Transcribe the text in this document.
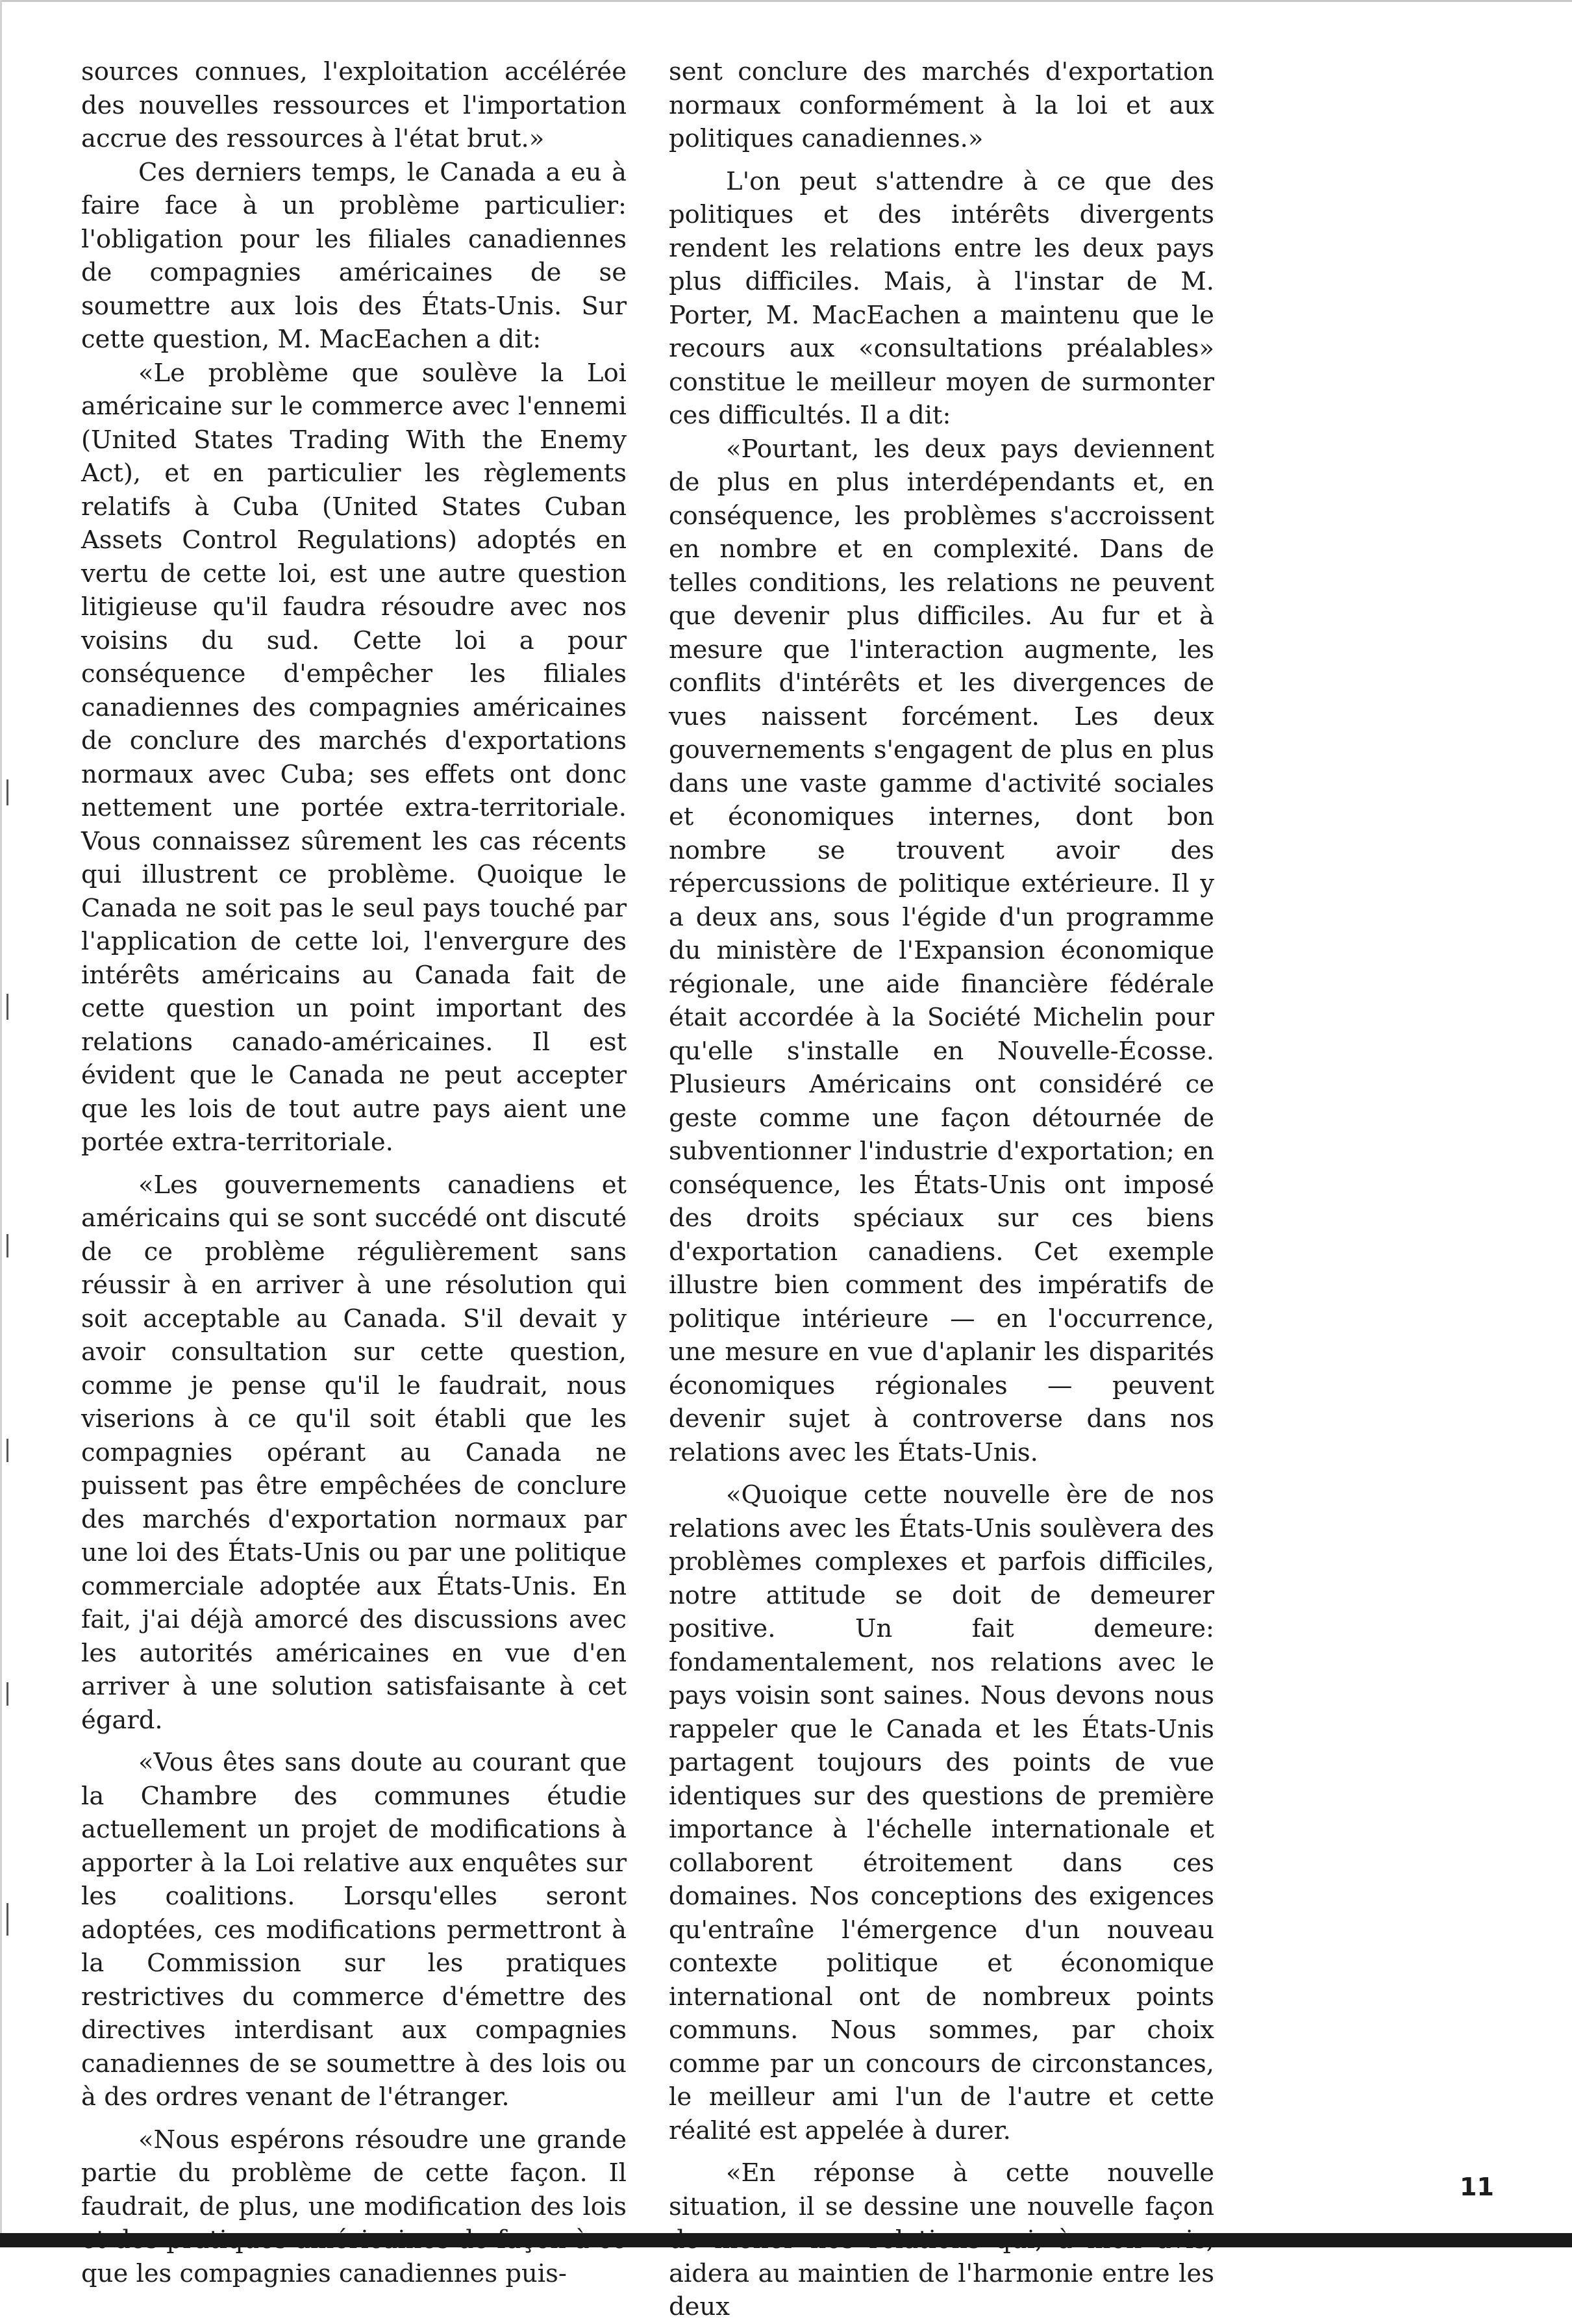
sources connues, l'exploitation accélérée des nouvelles ressources et l'importation accrue des ressources à l'état brut.»

Ces derniers temps, le Canada a eu à faire face à un problème particulier: l'obligation pour les filiales canadiennes de compagnies américaines de se soumettre aux lois des États-Unis. Sur cette question, M. MacEachen a dit:

«Le problème que soulève la Loi américaine sur le commerce avec l'ennemi (United States Trading With the Enemy Act), et en particulier les règlements relatifs à Cuba (United States Cuban Assets Control Regulations) adoptés en vertu de cette loi, est une autre question litigieuse qu'il faudra résoudre avec nos voisins du sud. Cette loi a pour conséquence d'empêcher les filiales canadiennes des compagnies américaines de conclure des marchés d'exportations normaux avec Cuba; ses effets ont donc nettement une portée extra-territoriale. Vous connaissez sûrement les cas récents qui illustrent ce problème. Quoique le Canada ne soit pas le seul pays touché par l'application de cette loi, l'envergure des intérêts américains au Canada fait de cette question un point important des relations canado-américaines. Il est évident que le Canada ne peut accepter que les lois de tout autre pays aient une portée extra-territoriale.

«Les gouvernements canadiens et américains qui se sont succédé ont discuté de ce problème régulièrement sans réussir à en arriver à une résolution qui soit acceptable au Canada. S'il devait y avoir consultation sur cette question, comme je pense qu'il le faudrait, nous viserions à ce qu'il soit établi que les compagnies opérant au Canada ne puissent pas être empêchées de conclure des marchés d'exportation normaux par une loi des États-Unis ou par une politique commerciale adoptée aux États-Unis. En fait, j'ai déjà amorcé des discussions avec les autorités américaines en vue d'en arriver à une solution satisfaisante à cet égard.

«Vous êtes sans doute au courant que la Chambre des communes étudie actuellement un projet de modifications à apporter à la Loi relative aux enquêtes sur les coalitions. Lorsqu'elles seront adoptées, ces modifications permettront à la Commission sur les pratiques restrictives du commerce d'émettre des directives interdisant aux compagnies canadiennes de se soumettre à des lois ou à des ordres venant de l'étranger.

«Nous espérons résoudre une grande partie du problème de cette façon. Il faudrait, de plus, une modification des lois que les compagnies canadiennes puis-

sent conclure des marchés d'exportation normaux conformément à la loi et aux politiques canadiennes.»

L'on peut s'attendre à ce que des politiques et des intérêts divergents rendent les relations entre les deux pays plus difficiles. Mais, à l'instar de M. Porter, M. MacEachen a maintenu que le recours aux «consultations préalables» constitue le meilleur moyen de surmonter ces difficultés. Il a dit:

«Pourtant, les deux pays deviennent de plus en plus interdépendants et, en conséquence, les problèmes s'accroissent en nombre et en complexité. Dans de telles conditions, les relations ne peuvent que devenir plus difficiles. Au fur et à mesure que l'interaction augmente, les conflits d'intérêts et les divergences de vues naissent forcément. Les deux gouvernements s'engagent de plus en plus dans une vaste gamme d'activité sociales et économiques internes, dont bon nombre se trouvent avoir des répercussions de politique extérieure. Il y a deux ans, sous l'égide d'un programme du ministère de l'Expansion économique régionale, une aide financière fédérale était accordée à la Société Michelin pour qu'elle s'installe en Nouvelle-Écosse. Plusieurs Américains ont considéré ce geste comme une façon détournée de subventionner l'industrie d'exportation; en conséquence, les États-Unis ont imposé des droits spéciaux sur ces biens d'exportation canadiens. Cet exemple illustre bien comment des impératifs de politique intérieure — en l'occurrence, une mesure en vue d'aplanir les disparités économiques régionales — peuvent devenir sujet à controverse dans nos relations avec les États-Unis.

«Quoique cette nouvelle ère de nos relations avec les États-Unis soulèvera des problèmes complexes et parfois difficiles, notre attitude se doit de demeurer positive. Un fait demeure: fondamentalement, nos relations avec le pays voisin sont saines. Nous devons nous rappeler que le Canada et les États-Unis partagent toujours des points de vue identiques sur des questions de première importance à l'échelle internationale et collaborent étroitement dans ces domaines. Nos conceptions des exigences qu'entraîne l'émergence d'un nouveau contexte politique et économique international ont de nombreux points communs. Nous sommes, par choix comme par un concours de circonstances, le meilleur ami l'un de l'autre et cette réalité est appelée à durer.

«En réponse à cette nouvelle situation, il se dessine une nouvelle façon aidera au maintien de l'harmonie entre les deux

11
